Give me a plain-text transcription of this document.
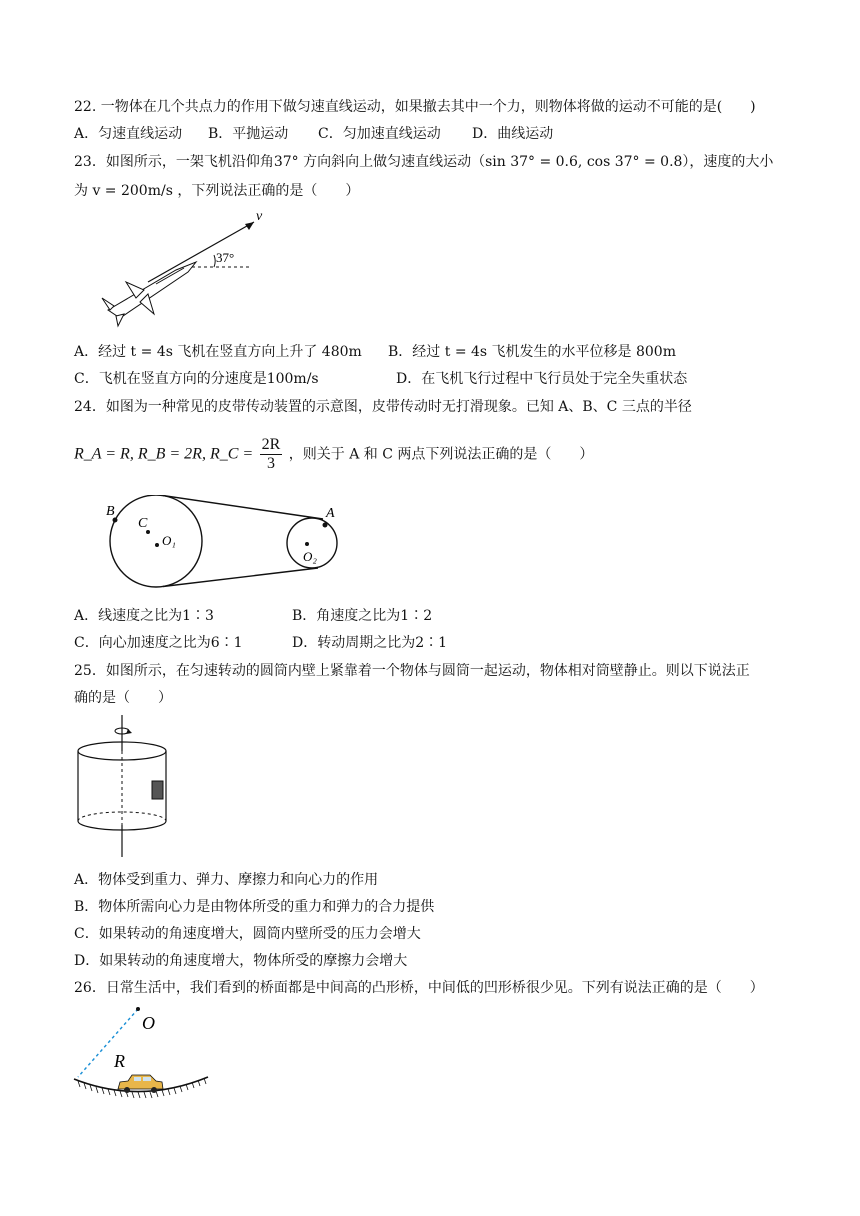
22. 一物体在几个共点力的作用下做匀速直线运动，如果撤去其中一个力，则物体将做的运动不可能的是(　　)
A．匀速直线运动 B．平抛运动 C．匀加速直线运动 D．曲线运动
23．如图所示，一架飞机沿仰角37° 方向斜向上做匀速直线运动（sin 37° = 0.6, cos 37° = 0.8），速度的大小
为 v = 200m/s ，下列说法正确的是（　　）
v
37°
A．经过 t = 4s 飞机在竖直方向上升了 480m B．经过 t = 4s 飞机发生的水平位移是 800m
C．飞机在竖直方向的分速度是100m/s	D．在飞机飞行过程中飞行员处于完全失重状态
24．如图为一种常见的皮带传动装置的示意图，皮带传动时无打滑现象。已知 A、B、C 三点的半径
R_A = R, R_B = 2R, R_C = $\frac{2R}{3}$ ，则关于 A 和 C 两点下列说法正确的是（　　）
B
C
O₁
A
O₂
A．线速度之比为1∶3	B．角速度之比为1∶2
C．向心加速度之比为6∶1	D．转动周期之比为2∶1
25．如图所示，在匀速转动的圆筒内壁上紧靠着一个物体与圆筒一起运动，物体相对筒壁静止。则以下说法正
确的是（　　）
A．物体受到重力、弹力、摩擦力和向心力的作用
B．物体所需向心力是由物体所受的重力和弹力的合力提供
C．如果转动的角速度增大，圆筒内壁所受的压力会增大
D．如果转动的角速度增大，物体所受的摩擦力会增大
26．日常生活中，我们看到的桥面都是中间高的凸形桥，中间低的凹形桥很少见。下列有说法正确的是（　　）
O
R
